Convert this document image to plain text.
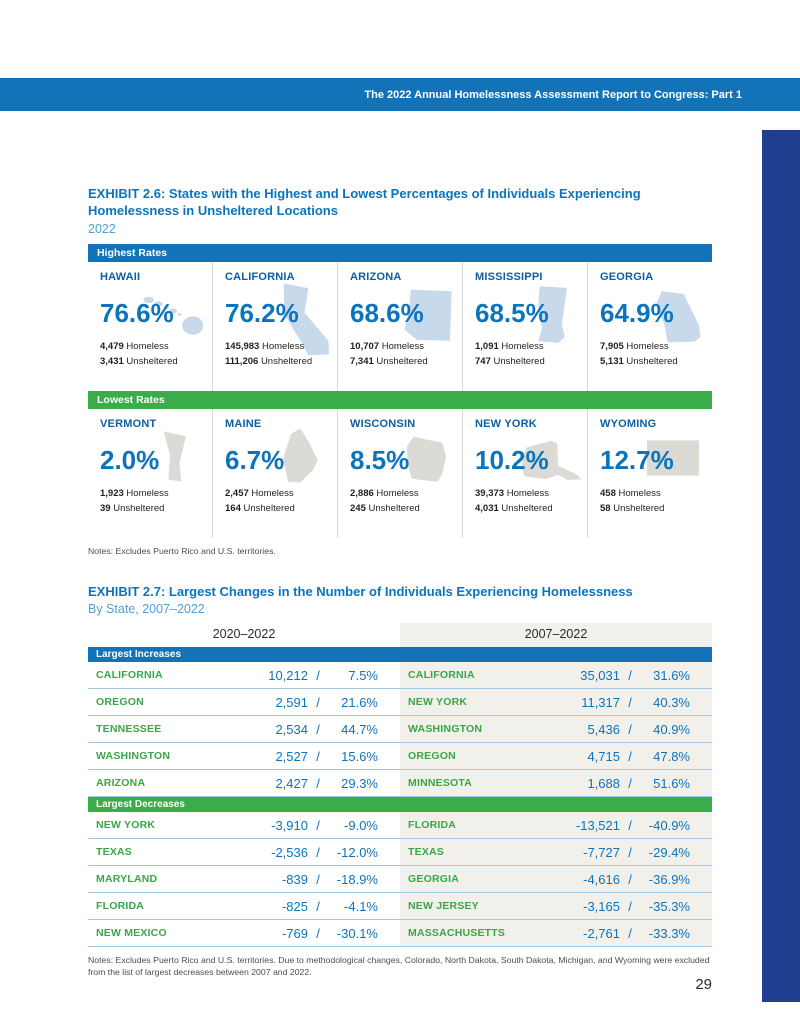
The 2022 Annual Homelessness Assessment Report to Congress: Part 1
EXHIBIT 2.6: States with the Highest and Lowest Percentages of Individuals Experiencing Homelessness in Unsheltered Locations
2022
Highest Rates
HAWAII
76.6%
4,479 Homeless
3,431 Unsheltered
CALIFORNIA
76.2%
145,983 Homeless
111,206 Unsheltered
ARIZONA
68.6%
10,707 Homeless
7,341 Unsheltered
MISSISSIPPI
68.5%
1,091 Homeless
747 Unsheltered
GEORGIA
64.9%
7,905 Homeless
5,131 Unsheltered
Lowest Rates
VERMONT
2.0%
1,923 Homeless
39 Unsheltered
MAINE
6.7%
2,457 Homeless
164 Unsheltered
WISCONSIN
8.5%
2,886 Homeless
245 Unsheltered
NEW YORK
10.2%
39,373 Homeless
4,031 Unsheltered
WYOMING
12.7%
458 Homeless
58 Unsheltered
Notes: Excludes Puerto Rico and U.S. territories.
EXHIBIT 2.7: Largest Changes in the Number of Individuals Experiencing Homelessness
By State, 2007–2022
2020–2022	2007–2022
Largest Increases
CALIFORNIA	10,212 /	7.5%	CALIFORNIA	35,031 /	31.6%
OREGON	2,591 /	21.6%	NEW YORK	11,317 /	40.3%
TENNESSEE	2,534 /	44.7%	WASHINGTON	5,436 /	40.9%
WASHINGTON	2,527 /	15.6%	OREGON	4,715 /	47.8%
ARIZONA	2,427 /	29.3%	MINNESOTA	1,688 /	51.6%
Largest Decreases
NEW YORK	-3,910 /	-9.0%	FLORIDA	-13,521 /	-40.9%
TEXAS	-2,536 /	-12.0%	TEXAS	-7,727 /	-29.4%
MARYLAND	-839 /	-18.9%	GEORGIA	-4,616 /	-36.9%
FLORIDA	-825 /	-4.1%	NEW JERSEY	-3,165 /	-35.3%
NEW MEXICO	-769 /	-30.1%	MASSACHUSETTS	-2,761 /	-33.3%
Notes: Excludes Puerto Rico and U.S. territories. Due to methodological changes, Colorado, North Dakota, South Dakota, Michigan, and Wyoming were excluded from the list of largest decreases between 2007 and 2022.
29
